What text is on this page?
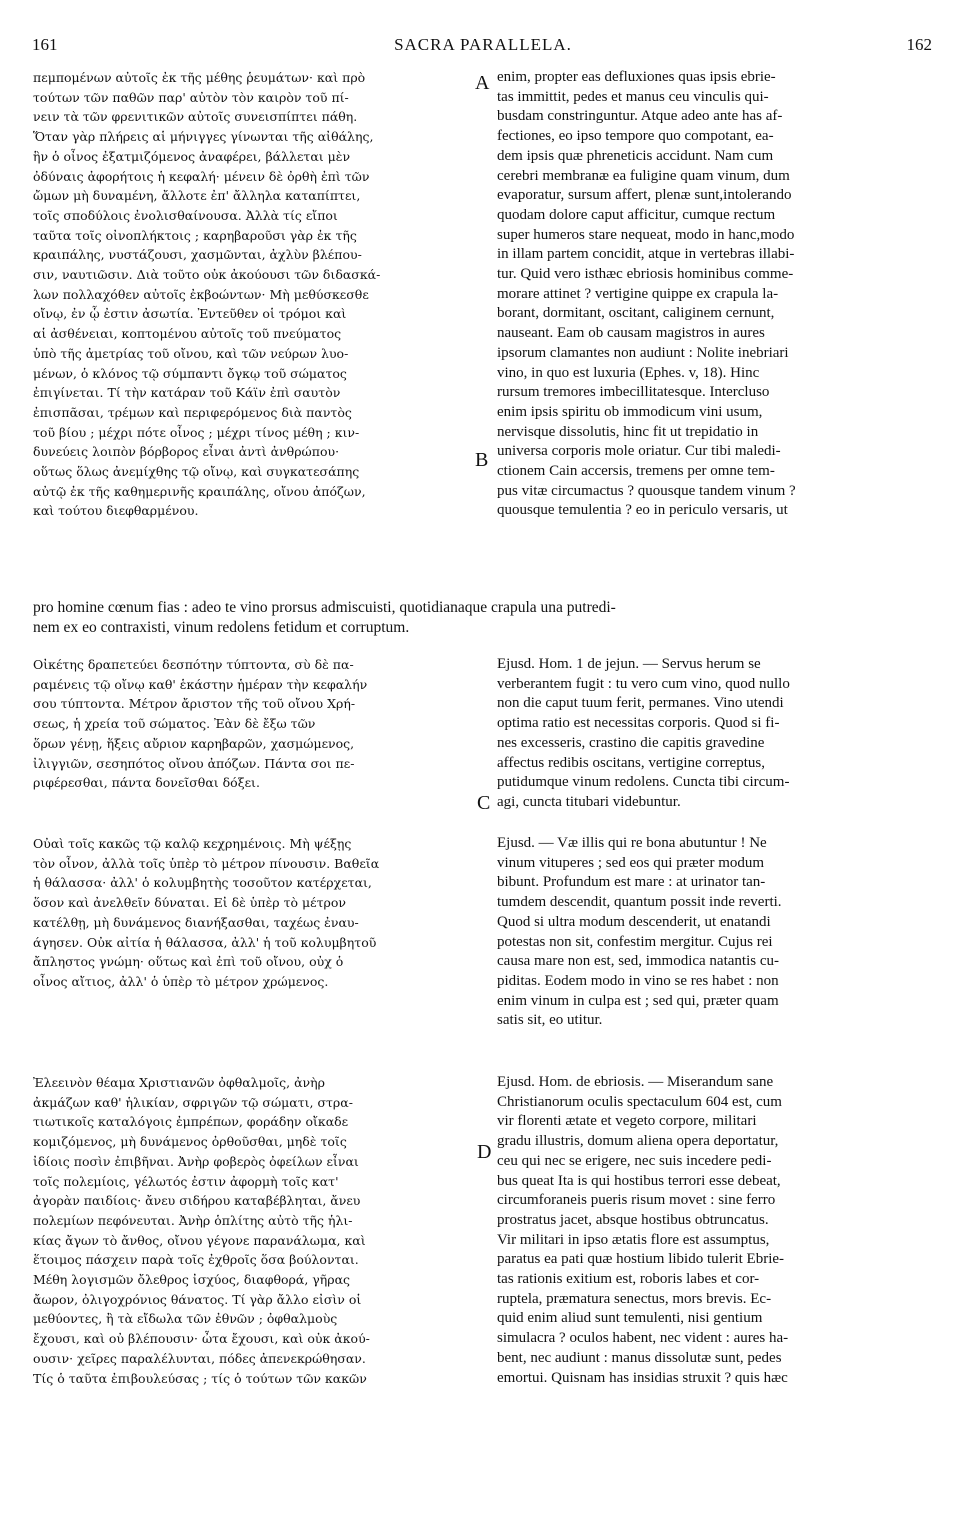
161	SACRA PARALLELA.	162
A
B
C
D
πεμπομένων αὐτοῖς ἐκ τῆς μέθης ῥευμάτων· καὶ πρὸ
τούτων τῶν παθῶν παρ' αὐτὸν τὸν καιρὸν τοῦ πί-
νειν τὰ τῶν φρενιτικῶν αὐτοῖς συνεισπίπτει πάθη.
Ὅταν γὰρ πλήρεις αἱ μήνιγγες γίνωνται τῆς αἰθάλης,
ἣν ὁ οἶνος ἐξατμιζόμενος ἀναφέρει, βάλλεται μὲν
ὀδύναις ἀφορήτοις ἡ κεφαλή· μένειν δὲ ὀρθὴ ἐπὶ τῶν
ὤμων μὴ δυναμένη, ἄλλοτε ἐπ' ἄλληλα καταπίπτει,
τοῖς σποδύλοις ἐνολισθαίνουσα. Ἀλλὰ τίς εἴποι
ταῦτα τοῖς οἰνοπλήκτοις ; καρηβαροῦσι γὰρ ἐκ τῆς
κραιπάλης, νυστάζουσι, χασμῶνται, ἀχλὺν βλέπου-
σιν, ναυτιῶσιν. Διὰ τοῦτο οὐκ ἀκούουσι τῶν διδασκά-
λων πολλαχόθεν αὐτοῖς ἐκβοώντων· Μὴ μεθύσκεσθε
οἴνῳ, ἐν ᾧ ἐστιν ἀσωτία. Ἐντεῦθεν οἱ τρόμοι καὶ
αἱ ἀσθένειαι, κοπτομένου αὐτοῖς τοῦ πνεύματος
ὑπὸ τῆς ἀμετρίας τοῦ οἴνου, καὶ τῶν νεύρων λυο-
μένων, ὁ κλόνος τῷ σύμπαντι ὄγκῳ τοῦ σώματος
ἐπιγίνεται. Τί τὴν κατάραν τοῦ Κάϊν ἐπὶ σαυτὸν
ἐπισπᾶσαι, τρέμων καὶ περιφερόμενος διὰ παντὸς
τοῦ βίου ; μέχρι πότε οἶνος ; μέχρι τίνος μέθη ; κιν-
δυνεύεις λοιπὸν βόρβορος εἶναι ἀντὶ ἀνθρώπου·
οὕτως ὅλως ἀνεμίχθης τῷ οἴνῳ, καὶ συγκατεσάπης
αὐτῷ ἐκ τῆς καθημερινῆς κραιπάλης, οἴνου ἀπόζων,
καὶ τούτου διεφθαρμένου.
enim, propter eas defluxiones quas ipsis ebrie-
tas immittit, pedes et manus ceu vinculis qui-
busdam constringuntur. Atque adeo ante has af-
fectiones, eo ipso tempore quo compotant, ea-
dem ipsis quæ phreneticis accidunt. Nam cum
cerebri membranæ ea fuligine quam vinum, dum
evaporatur, sursum affert, plenæ sunt,intolerando
quodam dolore caput afficitur, cumque rectum
super humeros stare nequeat, modo in hanc,modo
in illam partem concidit, atque in vertebras illabi-
tur. Quid vero isthæc ebriosis hominibus comme-
morare attinet ? vertigine quippe ex crapula la-
borant, dormitant, oscitant, caliginem cernunt,
nauseant. Eam ob causam magistros in aures
ipsorum clamantes non audiunt : Nolite inebriari
vino, in quo est luxuria (Ephes. v, 18). Hinc
rursum tremores imbecillitatesque. Intercluso
enim ipsis spiritu ob immodicum vini usum,
nervisque dissolutis, hinc fit ut trepidatio in
universa corporis mole oriatur. Cur tibi maledi-
ctionem Cain accersis, tremens per omne tem-
pus vitæ circumactus ? quousque tandem vinum ?
quousque temulentia ? eo in periculo versaris, ut
pro homine cœnum fias : adeo te vino prorsus admiscuisti, quotidianaque crapula una putredi-
nem ex eo contraxisti, vinum redolens fetidum et corruptum.
Οἰκέτης δραπετεύει δεσπότην τύπτοντα, σὺ δὲ πα-
ραμένεις τῷ οἴνῳ καθ' ἑκάστην ἡμέραν τὴν κεφαλήν
σου τύπτοντα. Μέτρον ἄριστον τῆς τοῦ οἴνου Χρή-
σεως, ἡ χρεία τοῦ σώματος. Ἐὰν δὲ ἔξω τῶν
ὅρων γένῃ, ἥξεις αὔριον καρηβαρῶν, χασμώμενος,
ἰλιγγιῶν, σεσηπότος οἴνου ἀπόζων. Πάντα σοι πε-
ριφέρεσθαι, πάντα δονεῖσθαι δόξει.
Ejusd. Hom. 1 de jejun. — Servus herum se
verberantem fugit : tu vero cum vino, quod nullo
non die caput tuum ferit, permanes. Vino utendi
optima ratio est necessitas corporis. Quod si fi-
nes excesseris, crastino die capitis gravedine
affectus redibis oscitans, vertigine correptus,
putidumque vinum redolens. Cuncta tibi circum-
agi, cuncta titubari videbuntur.
Οὐαὶ τοῖς κακῶς τῷ καλῷ κεχρημένοις. Μὴ ψέξῃς
τὸν οἶνον, ἀλλὰ τοῖς ὑπὲρ τὸ μέτρον πίνουσιν. Βαθεῖα
ἡ θάλασσα· ἀλλ' ὁ κολυμβητὴς τοσοῦτον κατέρχεται,
ὅσον καὶ ἀνελθεῖν δύναται. Εἰ δὲ ὑπὲρ τὸ μέτρον
κατέλθῃ, μὴ δυνάμενος διανήξασθαι, ταχέως ἐναυ-
άγησεν. Οὐκ αἰτία ἡ θάλασσα, ἀλλ' ἡ τοῦ κολυμβητοῦ
ἄπληστος γνώμη· οὕτως καὶ ἐπὶ τοῦ οἴνου, οὐχ ὁ
οἶνος αἴτιος, ἀλλ' ὁ ὑπὲρ τὸ μέτρον χρώμενος.
Ejusd. — Væ illis qui re bona abutuntur ! Ne
vinum vituperes ; sed eos qui præter modum
bibunt. Profundum est mare : at urinator tan-
tumdem descendit, quantum possit inde reverti.
Quod si ultra modum descenderit, ut enatandi
potestas non sit, confestim mergitur. Cujus rei
causa mare non est, sed, immodica natantis cu-
piditas. Eodem modo in vino se res habet : non
enim vinum in culpa est ; sed qui, præter quam
satis sit, eo utitur.
Ἐλεεινὸν θέαμα Χριστιανῶν ὀφθαλμοῖς, ἀνὴρ
ἀκμάζων καθ' ἡλικίαν, σφριγῶν τῷ σώματι, στρα-
τιωτικοῖς καταλόγοις ἐμπρέπων, φοράδην οἴκαδε
κομιζόμενος, μὴ δυνάμενος ὀρθοῦσθαι, μηδὲ τοῖς
ἰδίοις ποσὶν ἐπιβῆναι. Ἀνὴρ φοβερὸς ὀφείλων εἶναι
τοῖς πολεμίοις, γέλωτός ἐστιν ἀφορμὴ τοῖς κατ'
ἀγορὰν παιδίοις· ἄνευ σιδήρου καταβέβληται, ἄνευ
πολεμίων πεφόνευται. Ἀνὴρ ὁπλίτης αὐτὸ τῆς ἡλι-
κίας ἄγων τὸ ἄνθος, οἴνου γέγονε παρανάλωμα, καὶ
ἕτοιμος πάσχειν παρὰ τοῖς ἐχθροῖς ὅσα βούλονται.
Μέθη λογισμῶν ὄλεθρος ἰσχύος, διαφθορά, γῆρας
ἄωρον, ὀλιγοχρόνιος θάνατος. Τί γὰρ ἄλλο εἰσὶν οἱ
μεθύοντες, ἢ τὰ εἴδωλα τῶν ἐθνῶν ; ὀφθαλμοὺς
ἔχουσι, καὶ οὐ βλέπουσιν· ὦτα ἔχουσι, καὶ οὐκ ἀκού-
ουσιν· χεῖρες παραλέλυνται, πόδες ἀπενεκρώθησαν.
Τίς ὁ ταῦτα ἐπιβουλεύσας ; τίς ὁ τούτων τῶν κακῶν
Ejusd. Hom. de ebriosis. — Miserandum sane
Christianorum oculis spectaculum 604 est, cum
vir florenti ætate et vegeto corpore, militari
gradu illustris, domum aliena opera deportatur,
ceu qui nec se erigere, nec suis incedere pedi-
bus queat Ita is qui hostibus terrori esse debeat,
circumforaneis pueris risum movet : sine ferro
prostratus jacet, absque hostibus obtruncatus.
Vir militari in ipso ætatis flore est assumptus,
paratus ea pati quæ hostium libido tulerit Ebrie-
tas rationis exitium est, roboris labes et cor-
ruptela, præmatura senectus, mors brevis. Ec-
quid enim aliud sunt temulenti, nisi gentium
simulacra ? oculos habent, nec vident : aures ha-
bent, nec audiunt : manus dissolutæ sunt, pedes
emortui. Quisnam has insidias struxit ? quis hæc
